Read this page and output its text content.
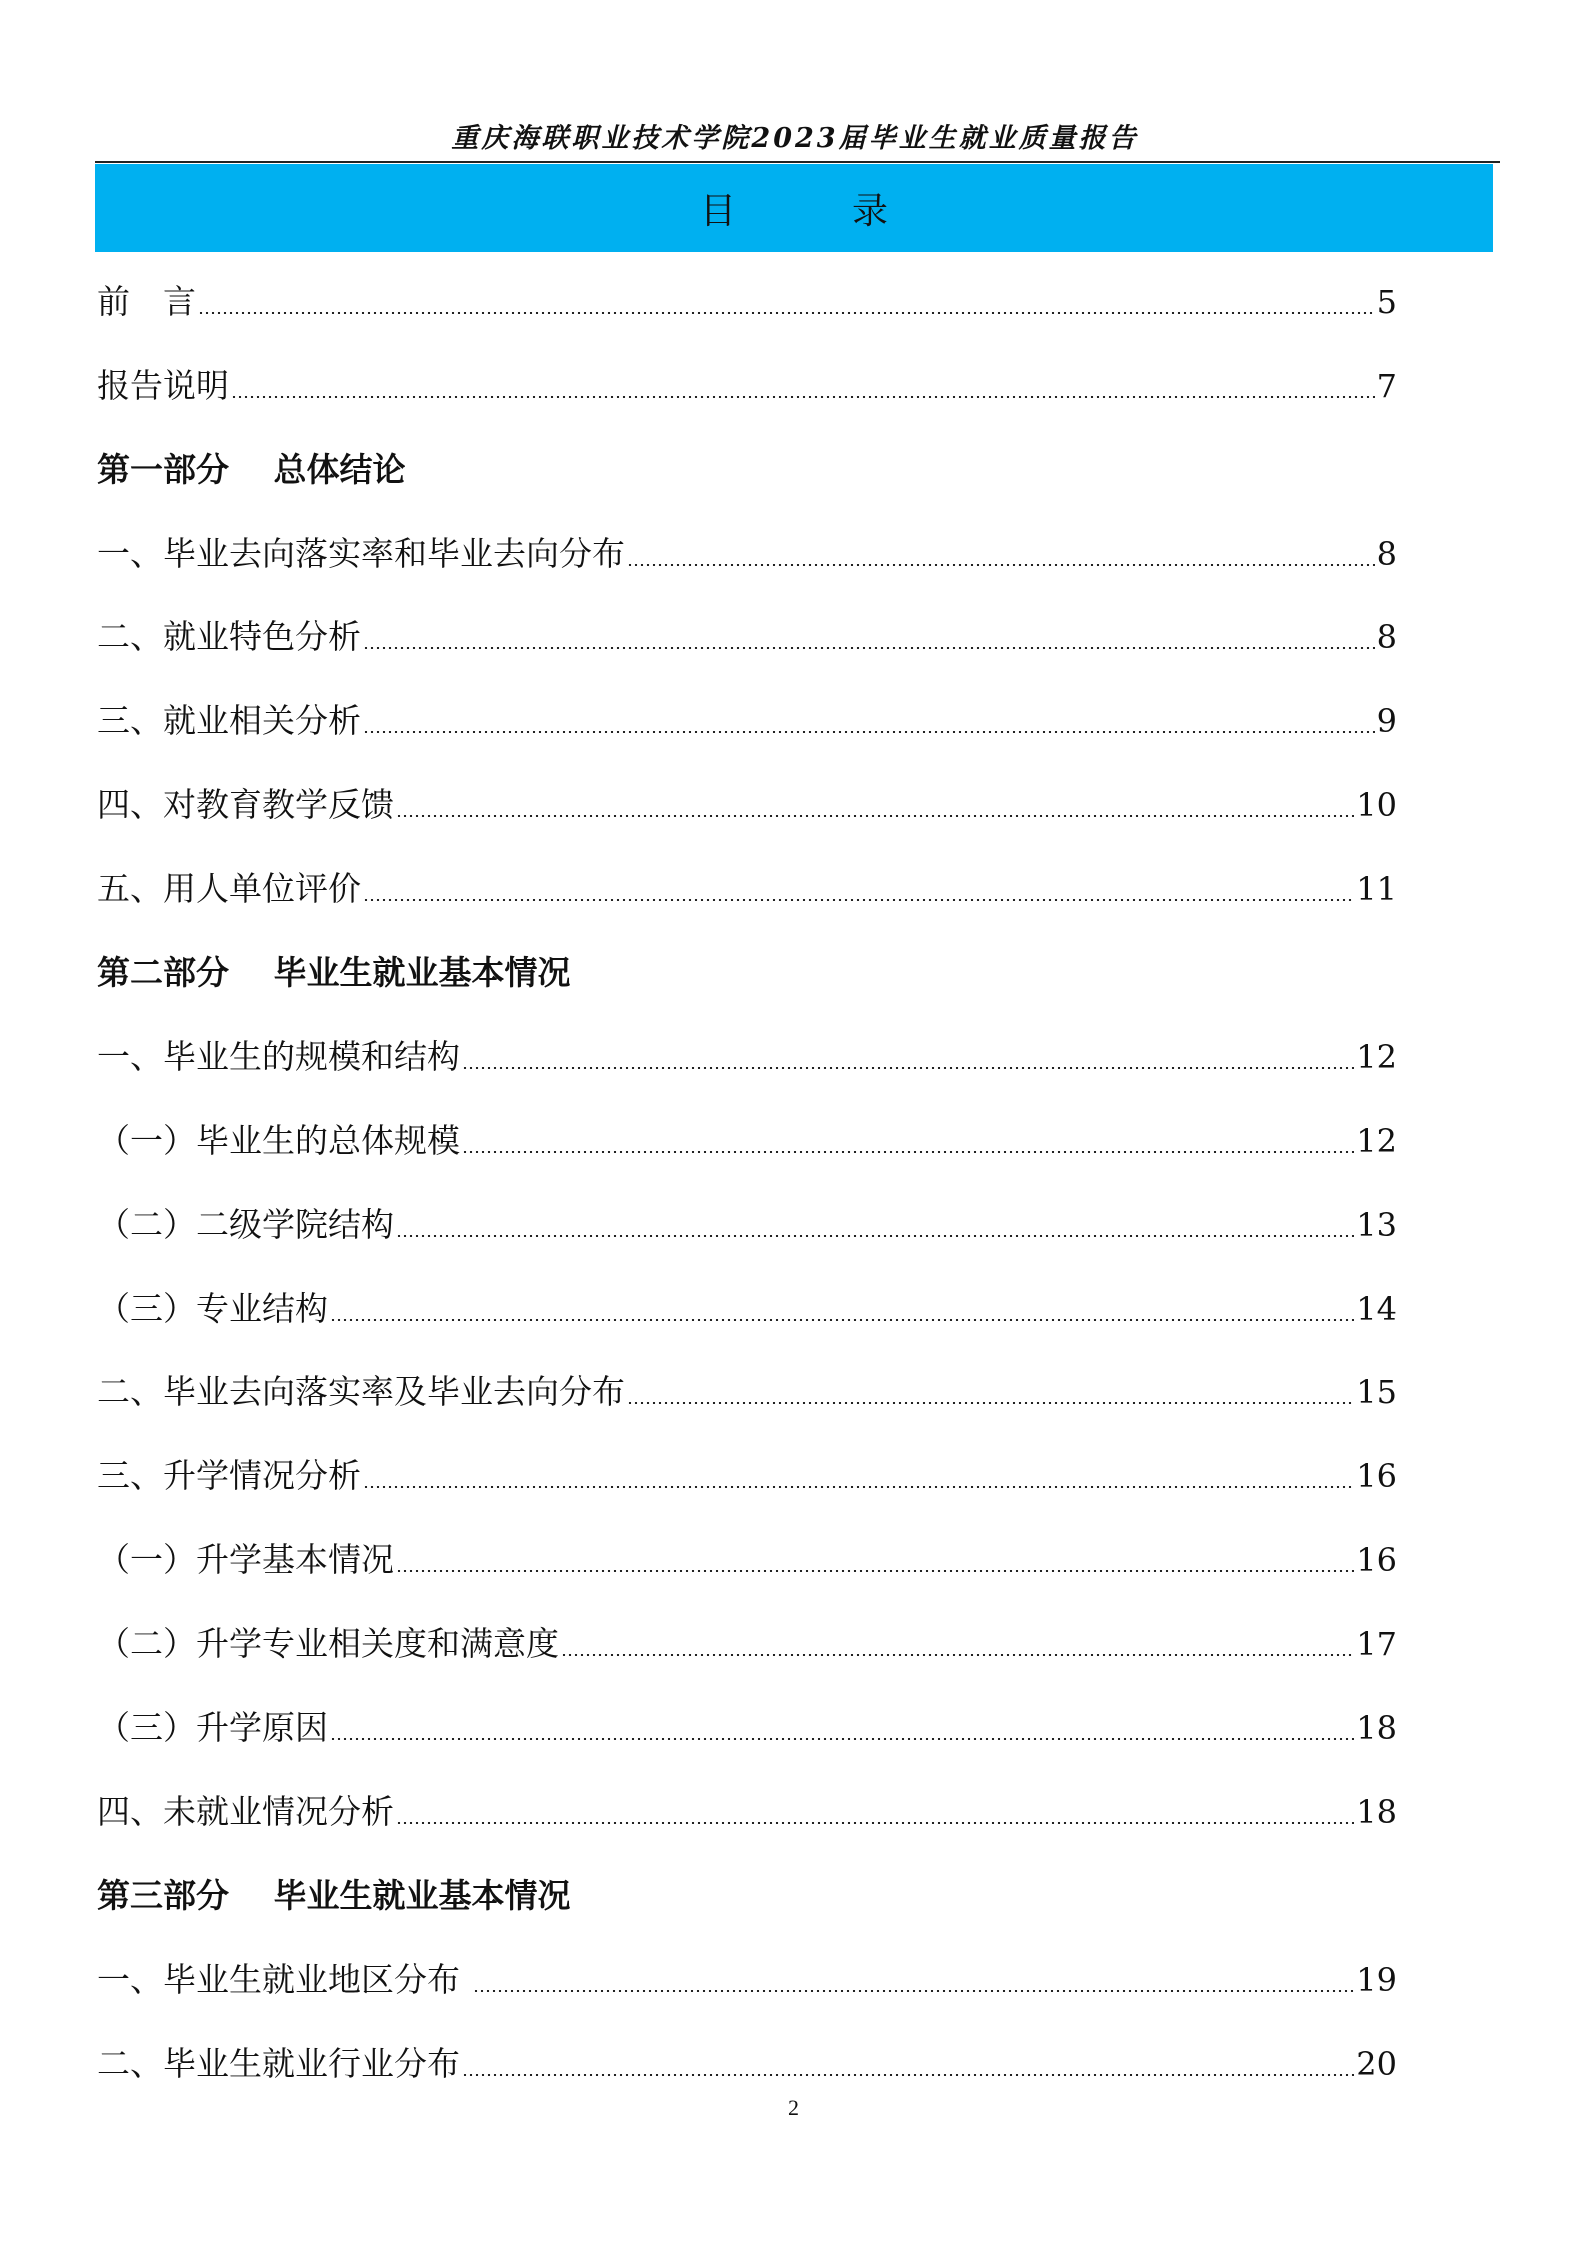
重庆海联职业技术学院2023届毕业生就业质量报告
目　录
前　言	5
报告说明	7
第一部分　 总体结论
一、毕业去向落实率和毕业去向分布	8
二、就业特色分析	8
三、就业相关分析	9
四、对教育教学反馈	10
五、用人单位评价	11
第二部分　 毕业生就业基本情况
一、毕业生的规模和结构	12
（一）毕业生的总体规模	12
（二）二级学院结构	13
（三）专业结构	14
二、毕业去向落实率及毕业去向分布	15
三、升学情况分析	16
（一）升学基本情况	16
（二）升学专业相关度和满意度	17
（三）升学原因	18
四、未就业情况分析	18
第三部分　 毕业生就业基本情况
一、毕业生就业地区分布	19
二、毕业生就业行业分布	20
2
